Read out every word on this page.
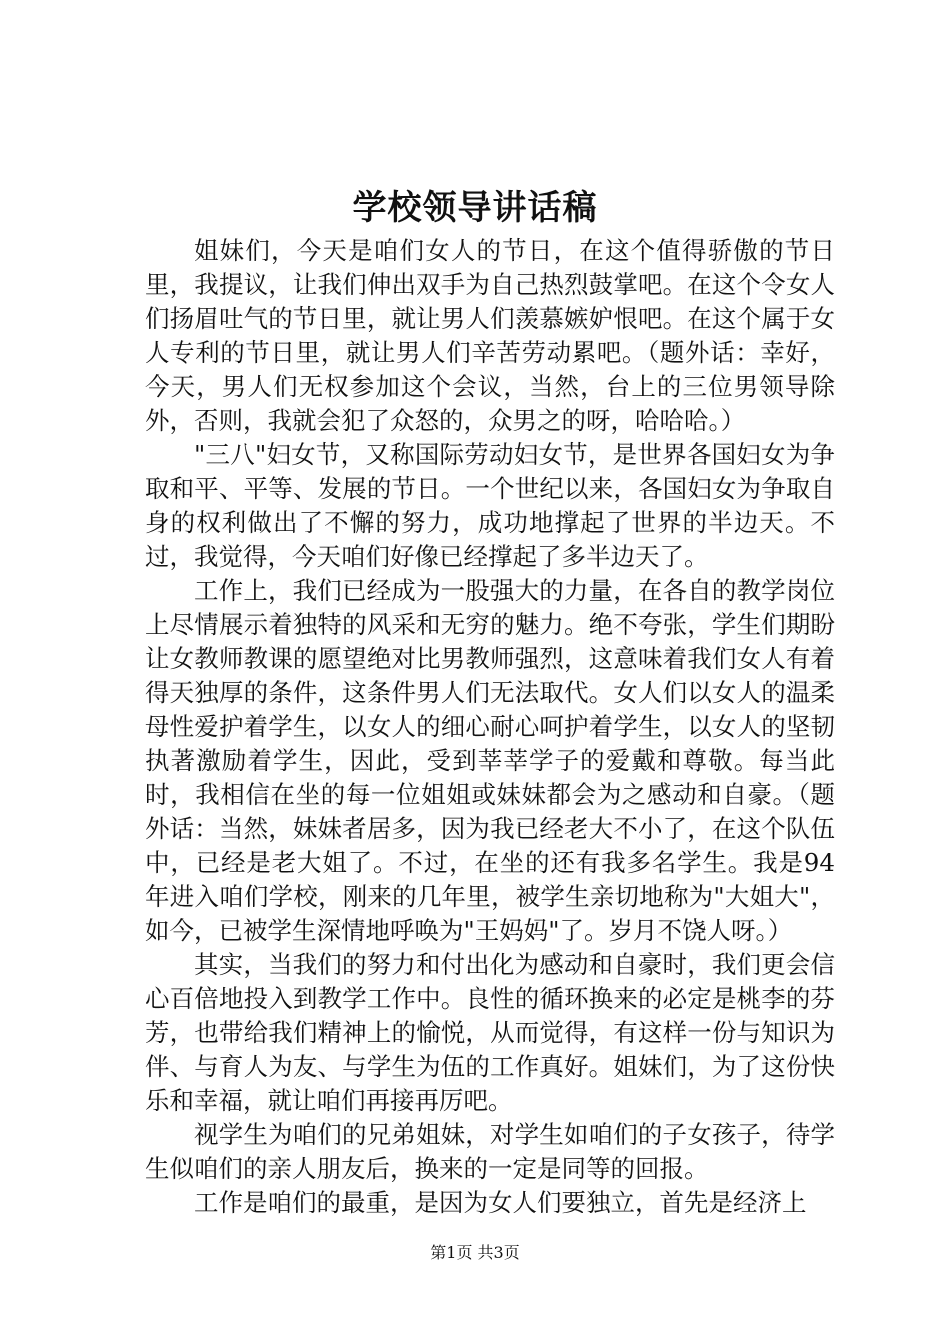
学校领导讲话稿

姐妹们，今天是咱们女人的节日，在这个值得骄傲的节日里，我提议，让我们伸出双手为自己热烈鼓掌吧。在这个令女人们扬眉吐气的节日里，就让男人们羡慕嫉妒恨吧。在这个属于女人专利的节日里，就让男人们辛苦劳动累吧。（题外话：幸好，今天，男人们无权参加这个会议，当然，台上的三位男领导除外，否则，我就会犯了众怒的，众男之的呀，哈哈哈。）

"三八"妇女节，又称国际劳动妇女节，是世界各国妇女为争取和平、平等、发展的节日。一个世纪以来，各国妇女为争取自身的权利做出了不懈的努力，成功地撑起了世界的半边天。不过，我觉得，今天咱们好像已经撑起了多半边天了。

工作上，我们已经成为一股强大的力量，在各自的教学岗位上尽情展示着独特的风采和无穷的魅力。绝不夸张，学生们期盼让女教师教课的愿望绝对比男教师强烈，这意味着我们女人有着得天独厚的条件，这条件男人们无法取代。女人们以女人的温柔母性爱护着学生，以女人的细心耐心呵护着学生，以女人的坚韧执著激励着学生，因此，受到莘莘学子的爱戴和尊敬。每当此时，我相信在坐的每一位姐姐或妹妹都会为之感动和自豪。（题外话：当然，妹妹者居多，因为我已经老大不小了，在这个队伍中，已经是老大姐了。不过，在坐的还有我多名学生。我是94年进入咱们学校，刚来的几年里，被学生亲切地称为"大姐大"，如今，已被学生深情地呼唤为"王妈妈"了。岁月不饶人呀。）

其实，当我们的努力和付出化为感动和自豪时，我们更会信心百倍地投入到教学工作中。良性的循环换来的必定是桃李的芬芳，也带给我们精神上的愉悦，从而觉得，有这样一份与知识为伴、与育人为友、与学生为伍的工作真好。姐妹们，为了这份快乐和幸福，就让咱们再接再厉吧。

视学生为咱们的兄弟姐妹，对学生如咱们的子女孩子，待学生似咱们的亲人朋友后，换来的一定是同等的回报。

工作是咱们的最重，是因为女人们要独立，首先是经济上

第1页 共3页
